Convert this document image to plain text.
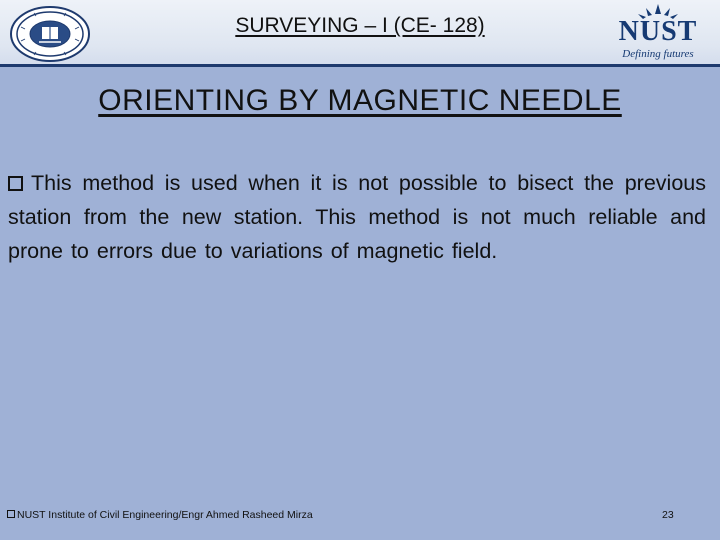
SURVEYING – I (CE- 128)	NUST
Defining futures
ORIENTING BY MAGNETIC NEEDLE
This method is used when it is not possible to bisect the previous station from the new station. This method is not much reliable and prone to errors due to variations of magnetic field.
NUST Institute of Civil Engineering/Engr Ahmed Rasheed Mirza	23
